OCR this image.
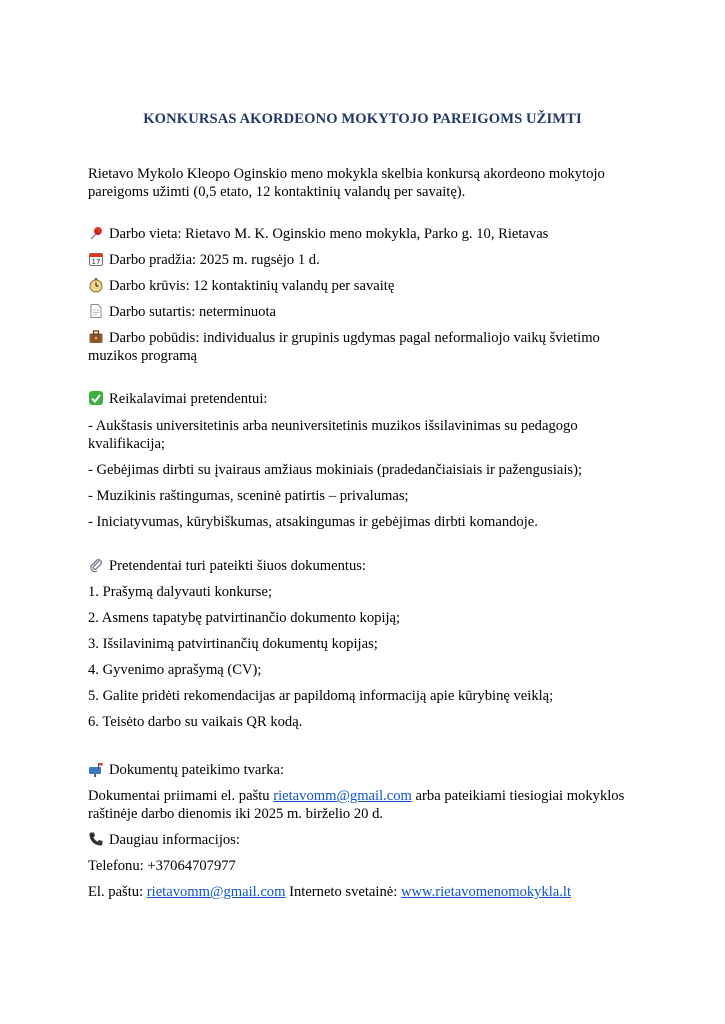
KONKURSAS AKORDEONO MOKYTOJO PAREIGOMS UŽIMTI
Rietavo Mykolo Kleopo Oginskio meno mokykla skelbia konkursą akordeono mokytojo pareigoms užimti (0,5 etato, 12 kontaktinių valandų per savaitę).
Darbo vieta: Rietavo M. K. Oginskio meno mokykla, Parko g. 10, Rietavas
17 Darbo pradžia: 2025 m. rugsėjo 1 d.
Darbo krūvis: 12 kontaktinių valandų per savaitę
Darbo sutartis: neterminuota
Darbo pobūdis: individualus ir grupinis ugdymas pagal neformaliojo vaikų švietimo muzikos programą
Reikalavimai pretendentui:
- Aukštasis universitetinis arba neuniversitetinis muzikos išsilavinimas su pedagogo kvalifikacija;
- Gebėjimas dirbti su įvairaus amžiaus mokiniais (pradedančiaisiais ir pažengusiais);
- Muzikinis raštingumas, sceninė patirtis – privalumas;
- Iniciatyvumas, kūrybiškumas, atsakingumas ir gebėjimas dirbti komandoje.
Pretendentai turi pateikti šiuos dokumentus:
1. Prašymą dalyvauti konkurse;
2. Asmens tapatybę patvirtinančio dokumento kopiją;
3. Išsilavinimą patvirtinančių dokumentų kopijas;
4. Gyvenimo aprašymą (CV);
5. Galite pridėti rekomendacijas ar papildomą informaciją apie kūrybinę veiklą;
6. Teisėto darbo su vaikais QR kodą.
Dokumentų pateikimo tvarka:
Dokumentai priimami el. paštu rietavomm@gmail.com arba pateikiami tiesiogiai mokyklos raštinėje darbo dienomis iki 2025 m. birželio 20 d.
Daugiau informacijos:
Telefonu: +37064707977
El. paštu: rietavomm@gmail.com Interneto svetainė: www.rietavomenomokykla.lt
